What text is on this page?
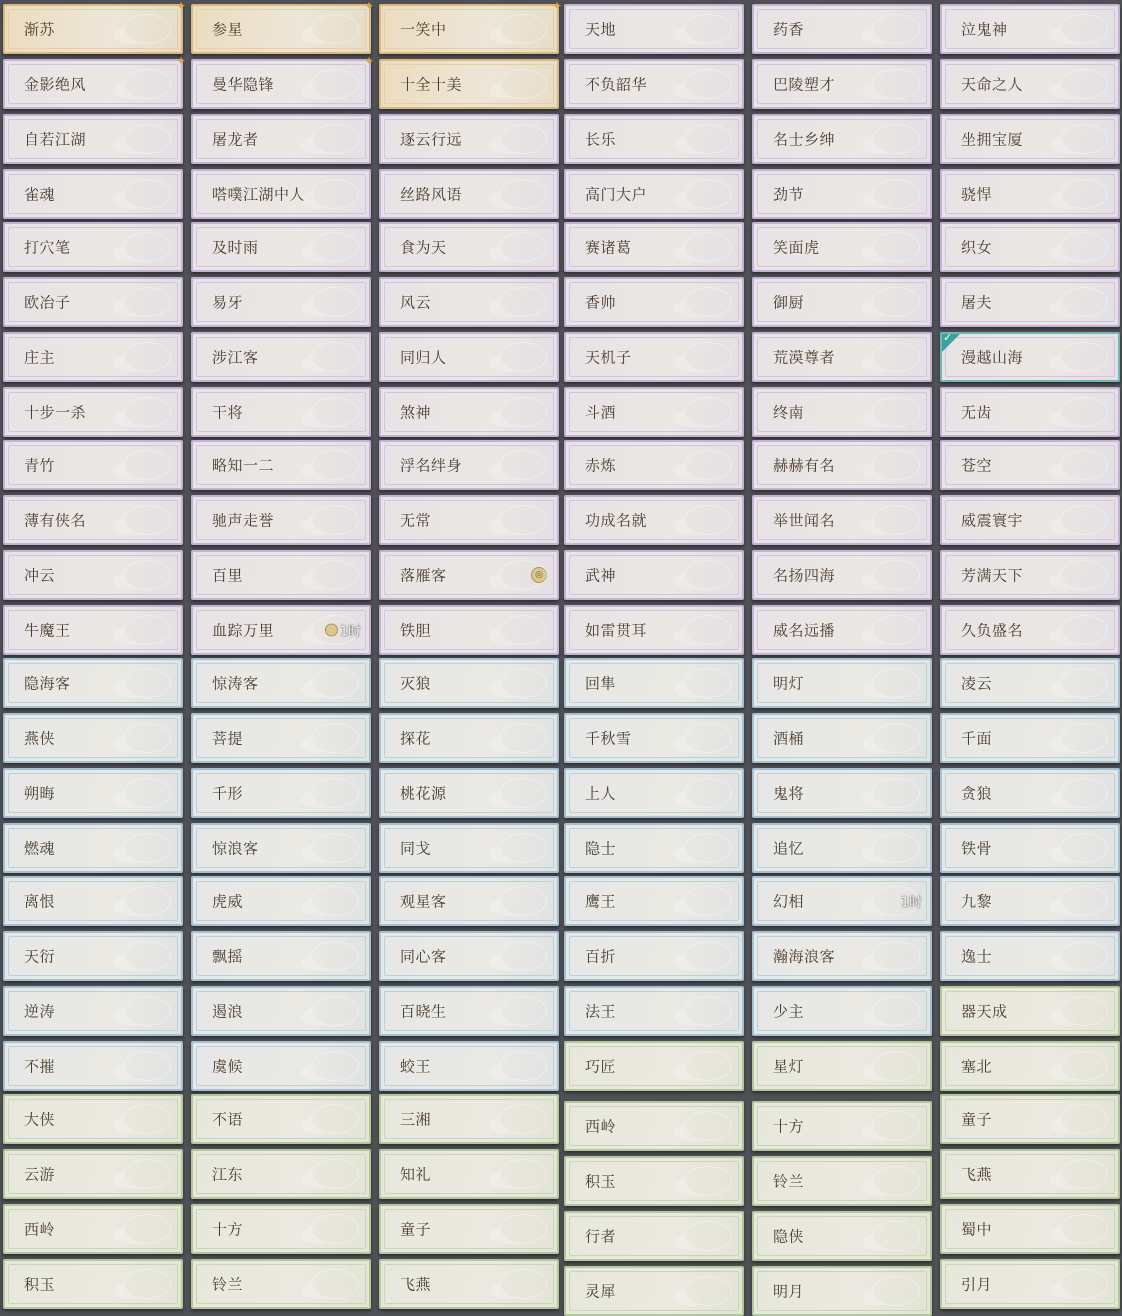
渐苏
✦
金影绝风
✦
自若江湖
雀魂
打穴笔
欧冶子
庄主
十步一杀
青竹
薄有侠名
冲云
牛魔王
隐海客
燕侠
朔晦
燃魂
离恨
天衍
逆涛
不摧
大侠
云游
西岭
积玉
参星
✦
曼华隐锋
✦
屠龙者
嗒噗江湖中人
及时雨
易牙
涉江客
干将
略知一二
驰声走誉
百里
血踪万里	1时
惊涛客
菩提
千形
惊浪客
虎威
飘摇
遏浪
虞候
不语
江东
十方
铃兰
一笑中
✦
十全十美
逐云行远
丝路风语
食为天
风云
同归人
煞神
浮名绊身
无常
落雁客	◎
铁胆
灭狼
探花
桃花源
同戈
观星客
同心客
百晓生
蛟王
三湘
知礼
童子
飞燕
天地
不负韶华
长乐
高门大户
赛诸葛
香帅
天机子
斗酒
赤炼
功成名就
武神
如雷贯耳
回隼
千秋雪
上人
隐士
鹰王
百折
法王
巧匠
西岭
积玉
行者
灵犀
药香
巴陵塑才
名士乡绅
劲节
笑面虎
御厨
荒漠尊者
终南
赫赫有名
举世闻名
名扬四海
威名远播
明灯
酒桶
鬼将
追忆
幻相	1时
瀚海浪客
少主
星灯
十方
铃兰
隐侠
明月
泣鬼神
天命之人
坐拥宝厦
骁悍
织女
屠夫
漫越山海
✓
无齿
苍空
威震寰宇
芳满天下
久负盛名
凌云
千面
贪狼
铁骨
九黎
逸士
器天成
塞北
童子
飞燕
蜀中
引月
